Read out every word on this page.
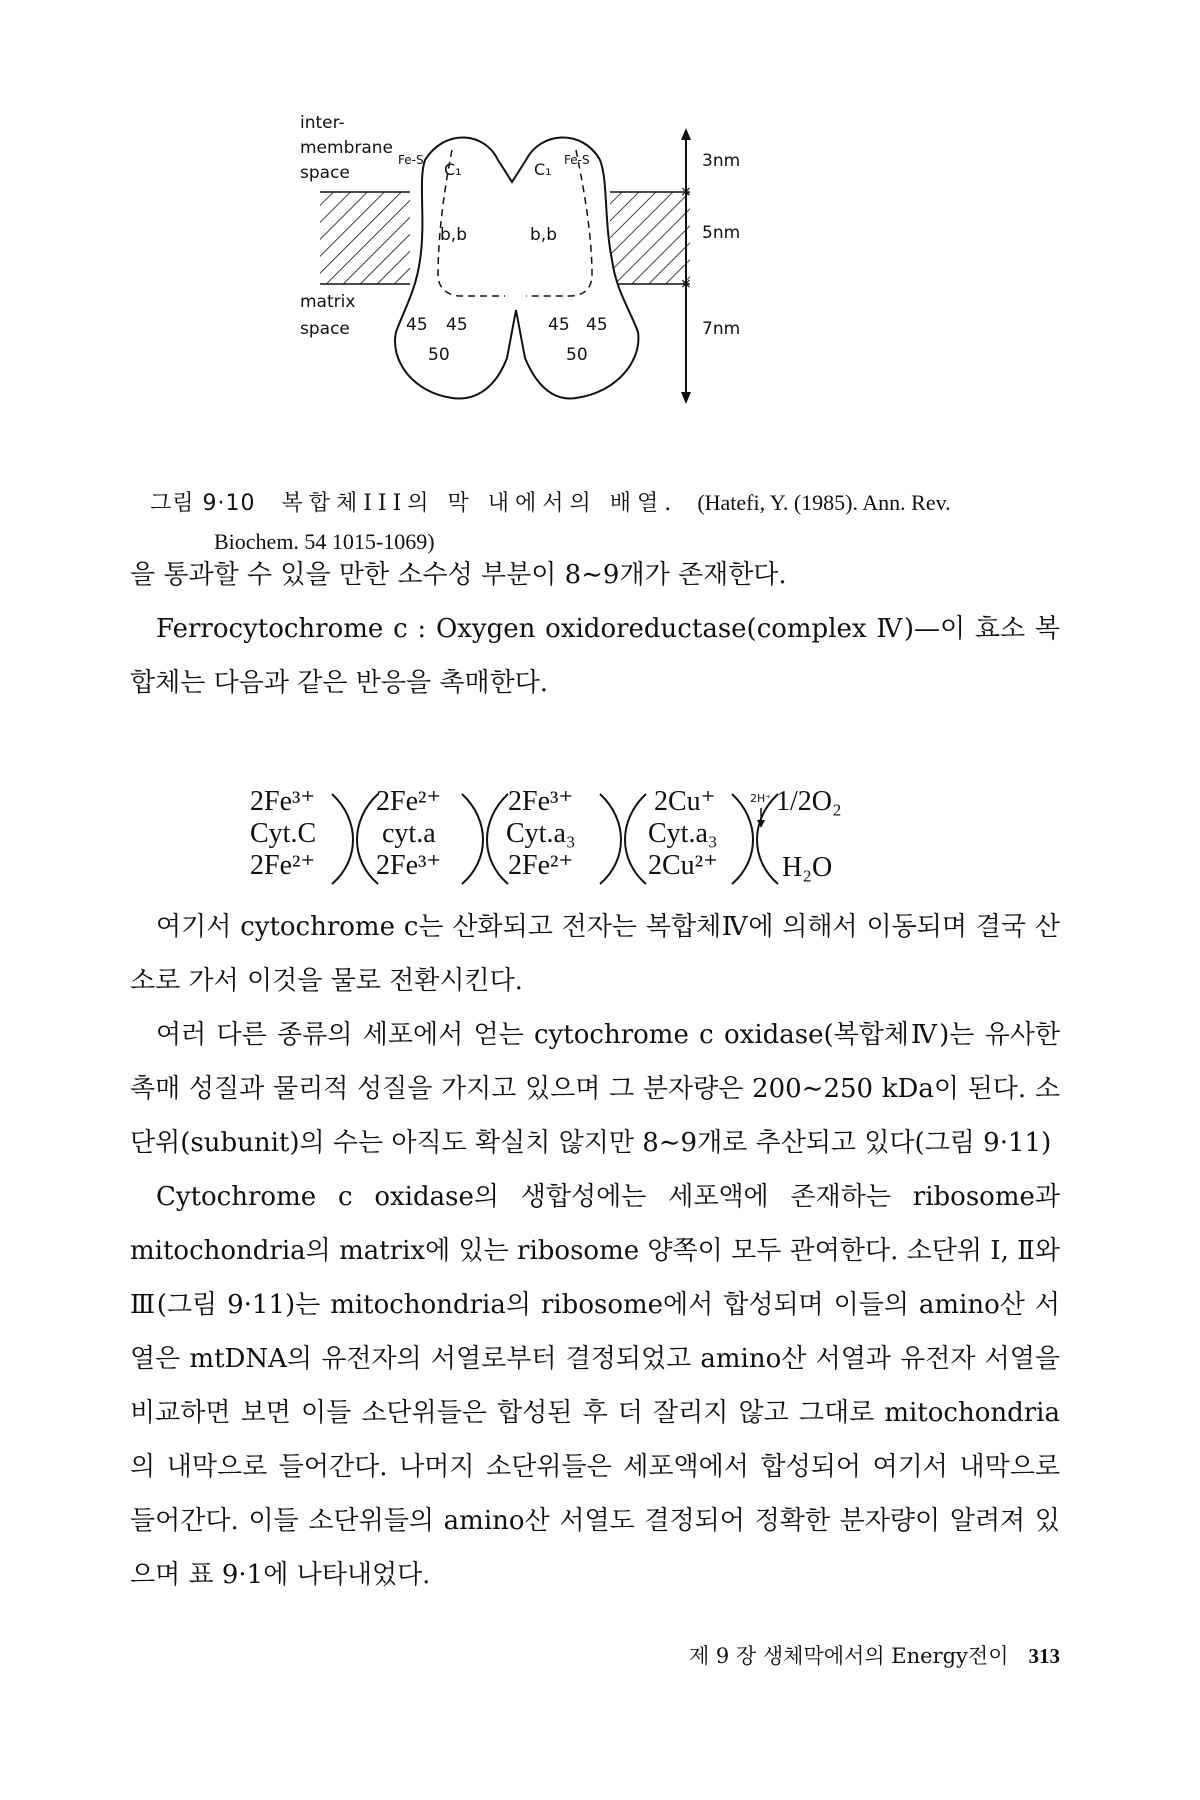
inter-
membrane
space
matrix
space
Fe-S	Fe-S
C₁	C₁
b,b	b,b
45 45
50
45 45
50
⨯
⨯
3nm
5nm
7nm
그림 9·10 복합체III의 막 내에서의 배열. (Hatefi, Y. (1985). Ann. Rev.
Biochem. 54 1015-1069)

을 통과할 수 있을 만한 소수성 부분이 8∼9개가 존재한다.

Ferrocytochrome c : Oxygen oxidoreductase(complex Ⅳ)—이 효소 복합체는 다음과 같은 반응을 촉매한다.

2Fe³⁺
Cyt.C
2Fe²⁺
2Fe²⁺
cyt.a
2Fe³⁺
2Fe³⁺
Cyt.a₃
2Fe²⁺
2Cu⁺
Cyt.a₃
2Cu²⁺
2H⁺ 1/2O₂
H₂O

여기서 cytochrome c는 산화되고 전자는 복합체Ⅳ에 의해서 이동되며 결국 산소로 가서 이것을 물로 전환시킨다.

여러 다른 종류의 세포에서 얻는 cytochrome c oxidase(복합체Ⅳ)는 유사한 촉매 성질과 물리적 성질을 가지고 있으며 그 분자량은 200∼250 kDa이 된다. 소단위(subunit)의 수는 아직도 확실치 않지만 8∼9개로 추산되고 있다(그림 9·11)

Cytochrome c oxidase의 생합성에는 세포액에 존재하는 ribosome과 mitochondria의 matrix에 있는 ribosome 양쪽이 모두 관여한다. 소단위 Ⅰ, Ⅱ와 Ⅲ(그림 9·11)는 mitochondria의 ribosome에서 합성되며 이들의 amino산 서열은 mtDNA의 유전자의 서열로부터 결정되었고 amino산 서열과 유전자 서열을 비교하면 보면 이들 소단위들은 합성된 후 더 잘리지 않고 그대로 mitochondria의 내막으로 들어간다. 나머지 소단위들은 세포액에서 합성되어 여기서 내막으로 들어간다. 이들 소단위들의 amino산 서열도 결정되어 정확한 분자량이 알려져 있으며 표 9·1에 나타내었다.

제 9 장 생체막에서의 Energy전이 313
